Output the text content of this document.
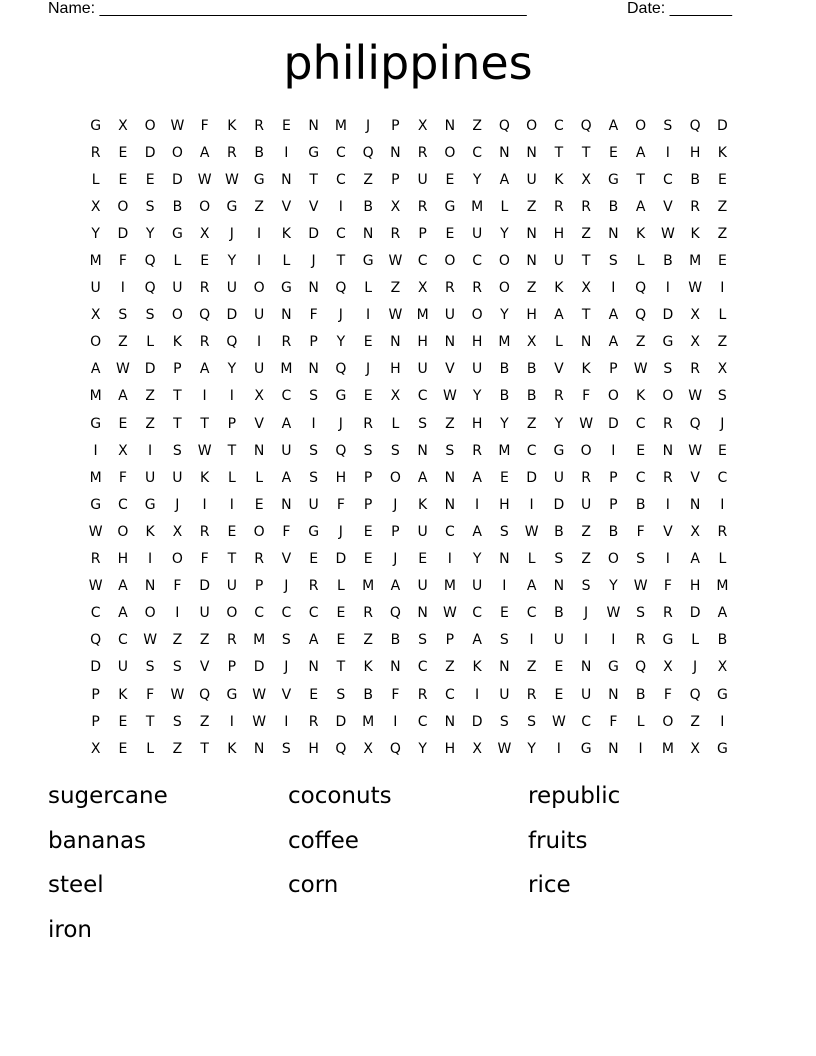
Name: ________________________________________________	Date: _______
philippines
G	X	O	W	F	K	R	E	N	M	J	P	X	N	Z	Q	O	C	Q	A	O	S	Q	D
R	E	D	O	A	R	B	I	G	C	Q	N	R	O	C	N	N	T	T	E	A	I	H	K
L	E	E	D	W W	G	N	T	C	Z	P	U	E	Y	A	U	K	X	G	T	C	B	E
X	O	S	B	O	G	Z	V	V	I	B	X	R	G	M	L	Z	R	R	B	A	V	R	Z
Y	D	Y	G	X	J	I	K	D	C	N	R	P	E	U	Y	N	H	Z	N	K	W	K	Z
M	F	Q	L	E	Y	I	L	J	T	G	W	C	O	C	O	N	U	T	S	L	B	M	E
U	I	Q	U	R	U	O	G	N	Q	L	Z	X	R	R	O	Z	K	X	I	Q	I	W	I
X	S	S	O	Q	D	U	N	F	J	I	W	M	U	O	Y	H	A	T	A	Q	D	X	L
O	Z	L	K	R	Q	I	R	P	Y	E	N	H	N	H	M	X	L	N	A	Z	G	X	Z
A	W	D	P	A	Y	U	M	N	Q	J	H	U	V	U	B	B	V	K	P	W	S	R	X
M	A	Z	T	I	I	X	C	S	G	E	X	C	W	Y	B	B	R	F	O	K	O	W	S
G	E	Z	T	T	P	V	A	I	J	R	L	S	Z	H	Y	Z	Y	W	D	C	R	Q	J
I	X	I	S	W	T	N	U	S	Q	S	S	N	S	R	M	C	G	O	I	E	N	W	E
M	F	U	U	K	L	L	A	S	H	P	O	A	N	A	E	D	U	R	P	C	R	V	C
G	C	G	J	I	I	E	N	U	F	P	J	K	N	I	H	I	D	U	P	B	I	N	I
W	O	K	X	R	E	O	F	G	J	E	P	U	C	A	S	W	B	Z	B	F	V	X	R
R	H	I	O	F	T	R	V	E	D	E	J	E	I	Y	N	L	S	Z	O	S	I	A	L
W	A	N	F	D	U	P	J	R	L	M	A	U	M	U	I	A	N	S	Y	W	F	H	M
C	A	O	I	U	O	C	C	C	E	R	Q	N	W	C	E	C	B	J	W	S	R	D	A
Q	C	W	Z	Z	R	M	S	A	E	Z	B	S	P	A	S	I	U	I	I	R	G	L	B
D	U	S	S	V	P	D	J	N	T	K	N	C	Z	K	N	Z	E	N	G	Q	X	J	X
P	K	F	W	Q	G	W	V	E	S	B	F	R	C	I	U	R	E	U	N	B	F	Q	G
P	E	T	S	Z	I	W	I	R	D	M	I	C	N	D	S	S	W	C	F	L	O	Z	I
X	E	L	Z	T	K	N	S	H	Q	X	Q	Y	H	X	W	Y	I	G	N	I	M	X	G
sugercane	coconuts	republic
bananas	coffee	fruits
steel	corn	rice
iron
